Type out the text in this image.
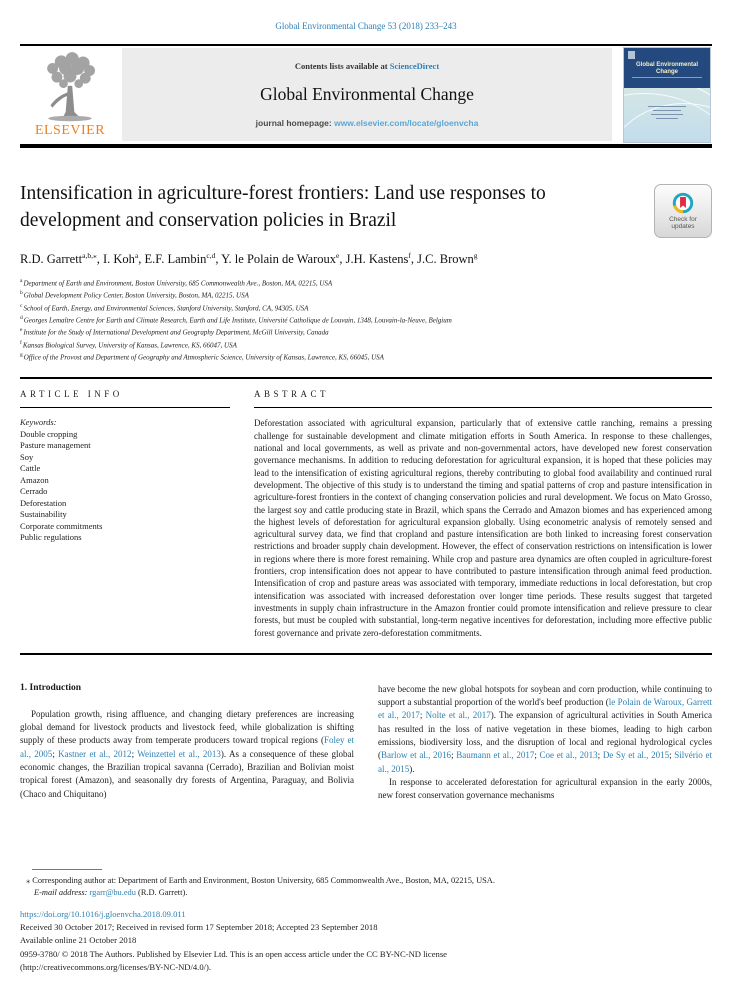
Global Environmental Change 53 (2018) 233–243
ELSEVIER
Contents lists available at ScienceDirect
Global Environmental Change
journal homepage: www.elsevier.com/locate/gloenvcha
Global Environmental Change
Intensification in agriculture-forest frontiers: Land use responses to development and conservation policies in Brazil	Check for
updates
R.D. Garrett$^{a,b,⁎}$, I. Koh$^a$, E.F. Lambin$^{c,d}$, Y. le Polain de Waroux$^e$, J.H. Kastens$^f$, J.C. Brown$^g$
$^a$Department of Earth and Environment, Boston University, 685 Commonwealth Ave., Boston, MA, 02215, USA
$^b$Global Development Policy Center, Boston University, Boston, MA, 02215, USA
$^c$School of Earth, Energy, and Environmental Sciences, Stanford University, Stanford, CA, 94305, USA
$^d$Georges Lemaître Centre for Earth and Climate Research, Earth and Life Institute, Université Catholique de Louvain, 1348, Louvain-la-Neuve, Belgium
$^e$Institute for the Study of International Development and Geography Department, McGill University, Canada
$^f$Kansas Biological Survey, University of Kansas, Lawrence, KS, 66047, USA
$^g$Office of the Provost and Department of Geography and Atmospheric Science, University of Kansas, Lawrence, KS, 66045, USA
ARTICLE INFO
Keywords:
Double cropping
Pasture management
Soy
Cattle
Amazon
Cerrado
Deforestation
Sustainability
Corporate commitments
Public regulations
ABSTRACT
Deforestation associated with agricultural expansion, particularly that of extensive cattle ranching, remains a pressing challenge for sustainable development and climate mitigation efforts in South America. In response to these challenges, national and local governments, as well as private and non-governmental actors, have developed new forest conservation governance mechanisms. In addition to reducing deforestation for agricultural expansion, it is hoped that these policies may lead to the intensification of existing agricultural regions, thereby contributing to global food availability and continued rural development. The objective of this study is to understand the timing and spatial patterns of crop and pasture intensification in agriculture-forest frontiers in the context of changing conservation policies and rural development. We focus on Mato Grosso, the largest soy and cattle producing state in Brazil, which spans the Cerrado and Amazon biomes and has experienced among the highest levels of deforestation for agricultural expansion globally. Using econometric analysis of remotely sensed and agricultural survey data, we find that cropland and pasture intensification are both linked to increasing forest conservation restrictions and broader supply chain development. However, the effect of conservation restrictions on intensification is lower in regions where there is more forest remaining. While crop and pasture area dynamics are often coupled in agriculture-forest frontiers, crop intensification does not appear to have contributed to pasture intensification through animal feed production. Intensification of crop and pasture areas was associated with temporary, immediate reductions in local deforestation, but crop intensification was associated with increased deforestation over longer time periods. These results suggest that targeted investments in supply chain infrastructure in the Amazon frontier could promote intensification and relieve pressure to clear forests, but must be coupled with substantial, long-term negative incentives for deforestation, including more effective public forest governance and private zero-deforestation commitments.
1. Introduction

Population growth, rising affluence, and changing dietary preferences are increasing global demand for livestock products and livestock feed, while globalization is shifting supply of these products away from temperate producers toward tropical regions (Foley et al., 2005; Kastner et al., 2012; Weinzettel et al., 2013). As a consequence of these global economic changes, the Brazilian tropical savanna (Cerrado), Brazilian and Bolivian moist tropical forest (Amazon), and seasonally dry forests of Argentina, Paraguay, and Bolivia (Chaco and Chiquitano)

have become the new global hotspots for soybean and corn production, while continuing to support a substantial proportion of the world's beef production (le Polain de Waroux, Garrett et al., 2017; Nolte et al., 2017). The expansion of agricultural activities in South America has resulted in the loss of native vegetation in these biomes, leading to high carbon emissions, biodiversity loss, and the disruption of local and regional hydrological cycles (Barlow et al., 2016; Baumann et al., 2017; Coe et al., 2013; De Sy et al., 2015; Silvério et al., 2015).

In response to accelerated deforestation for agricultural expansion in the early 2000s, new forest conservation governance mechanisms

⁎ Corresponding author at: Department of Earth and Environment, Boston University, 685 Commonwealth Ave., Boston, MA, 02215, USA.
E-mail address: rgarr@bu.edu (R.D. Garrett).
https://doi.org/10.1016/j.gloenvcha.2018.09.011
Received 30 October 2017; Received in revised form 17 September 2018; Accepted 23 September 2018
Available online 21 October 2018
0959-3780/ © 2018 The Authors. Published by Elsevier Ltd. This is an open access article under the CC BY-NC-ND license
(http://creativecommons.org/licenses/BY-NC-ND/4.0/).
